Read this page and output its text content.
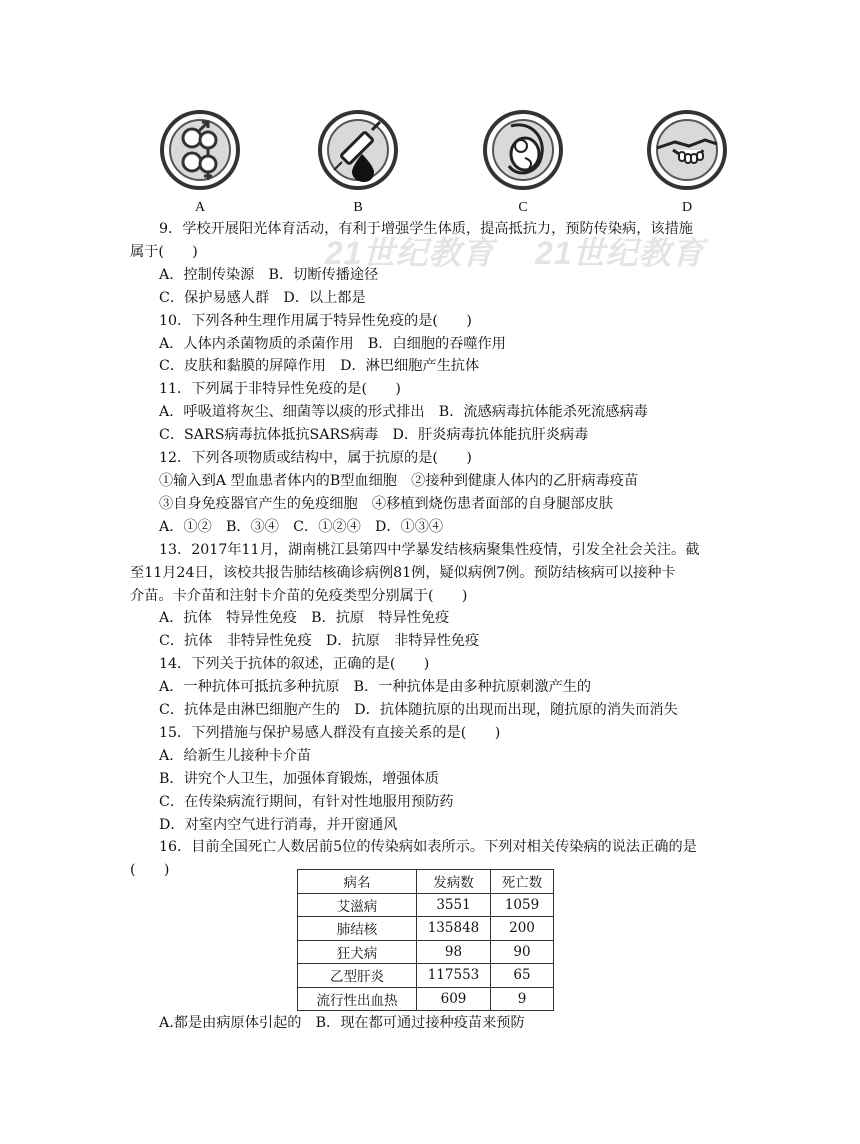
21世纪教育 21世纪教育
A	B	C	D
9．学校开展阳光体育活动，有利于增强学生体质，提高抵抗力，预防传染病，该措施
属于(　　)
A．控制传染源　B．切断传播途径
C．保护易感人群　D．以上都是
10．下列各种生理作用属于特异性免疫的是(　　)
A．人体内杀菌物质的杀菌作用　B．白细胞的吞噬作用
C．皮肤和黏膜的屏障作用　D．淋巴细胞产生抗体
11．下列属于非特异性免疫的是(　　)
A．呼吸道将灰尘、细菌等以痰的形式排出　B．流感病毒抗体能杀死流感病毒
C．SARS病毒抗体抵抗SARS病毒　D．肝炎病毒抗体能抗肝炎病毒
12．下列各项物质或结构中，属于抗原的是(　　)
①输入到A 型血患者体内的B型血细胞　②接种到健康人体内的乙肝病毒疫苗
③自身免疫器官产生的免疫细胞　④移植到烧伤患者面部的自身腿部皮肤
A．①②　B．③④　C．①②④　D．①③④
13．2017年11月，湖南桃江县第四中学暴发结核病聚集性疫情，引发全社会关注。截
至11月24日，该校共报告肺结核确诊病例81例，疑似病例7例。预防结核病可以接种卡
介苗。卡介苗和注射卡介苗的免疫类型分别属于(　　)
A．抗体　特异性免疫　B．抗原　特异性免疫
C．抗体　非特异性免疫　D．抗原　非特异性免疫
14．下列关于抗体的叙述，正确的是(　　)
A．一种抗体可抵抗多种抗原　B．一种抗体是由多种抗原刺激产生的
C．抗体是由淋巴细胞产生的　D．抗体随抗原的出现而出现，随抗原的消失而消失
15．下列措施与保护易感人群没有直接关系的是(　　)
A．给新生儿接种卡介苗
B．讲究个人卫生，加强体育锻炼，增强体质
C．在传染病流行期间，有针对性地服用预防药
D．对室内空气进行消毒，并开窗通风
16．目前全国死亡人数居前5位的传染病如表所示。下列对相关传染病的说法正确的是
(　　)
病名	发病数	死亡数
艾滋病	3551	1059
肺结核	135848	200
狂犬病	98	90
乙型肝炎	117553	65
流行性出血热	609	9
A.都是由病原体引起的　B．现在都可通过接种疫苗来预防
